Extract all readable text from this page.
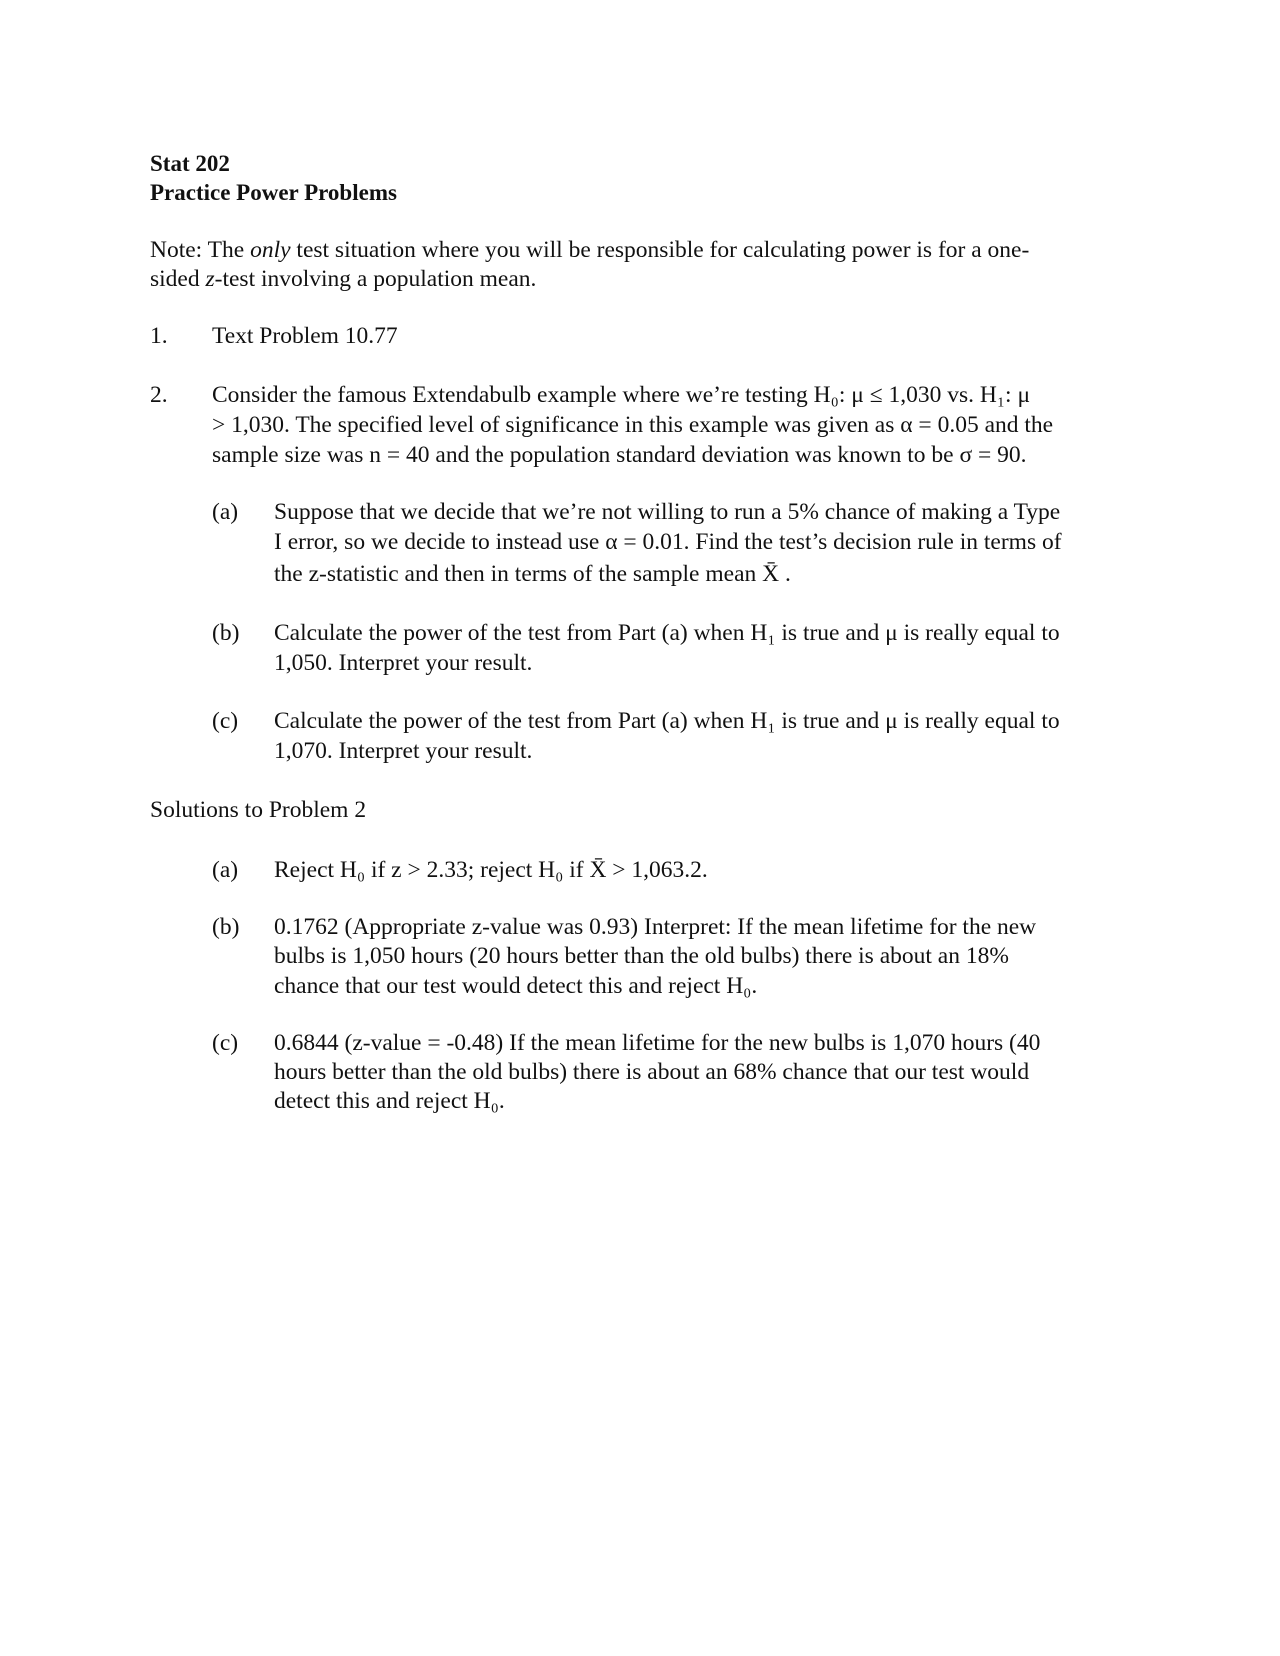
Stat 202

Practice Power Problems

Note: The only test situation where you will be responsible for calculating power is for a one-

sided z-test involving a population mean.

1. Text Problem 10.77

2. Consider the famous Extendabulb example where we’re testing H₀: μ ≤ 1,030 vs. H₁: μ

> 1,030. The specified level of significance in this example was given as α = 0.05 and the

sample size was n = 40 and the population standard deviation was known to be σ = 90.

(a) Suppose that we decide that we’re not willing to run a 5% chance of making a Type

I error, so we decide to instead use α = 0.01. Find the test’s decision rule in terms of

the z-statistic and then in terms of the sample mean X̄ .

(b) Calculate the power of the test from Part (a) when H₁ is true and μ is really equal to

1,050. Interpret your result.

(c) Calculate the power of the test from Part (a) when H₁ is true and μ is really equal to

1,070. Interpret your result.

Solutions to Problem 2

(a) Reject H₀ if z > 2.33; reject H₀ if X̄ > 1,063.2.

(b) 0.1762 (Appropriate z-value was 0.93) Interpret: If the mean lifetime for the new

bulbs is 1,050 hours (20 hours better than the old bulbs) there is about an 18%

chance that our test would detect this and reject H₀.

(c) 0.6844 (z-value = -0.48) If the mean lifetime for the new bulbs is 1,070 hours (40

hours better than the old bulbs) there is about an 68% chance that our test would

detect this and reject H₀.
